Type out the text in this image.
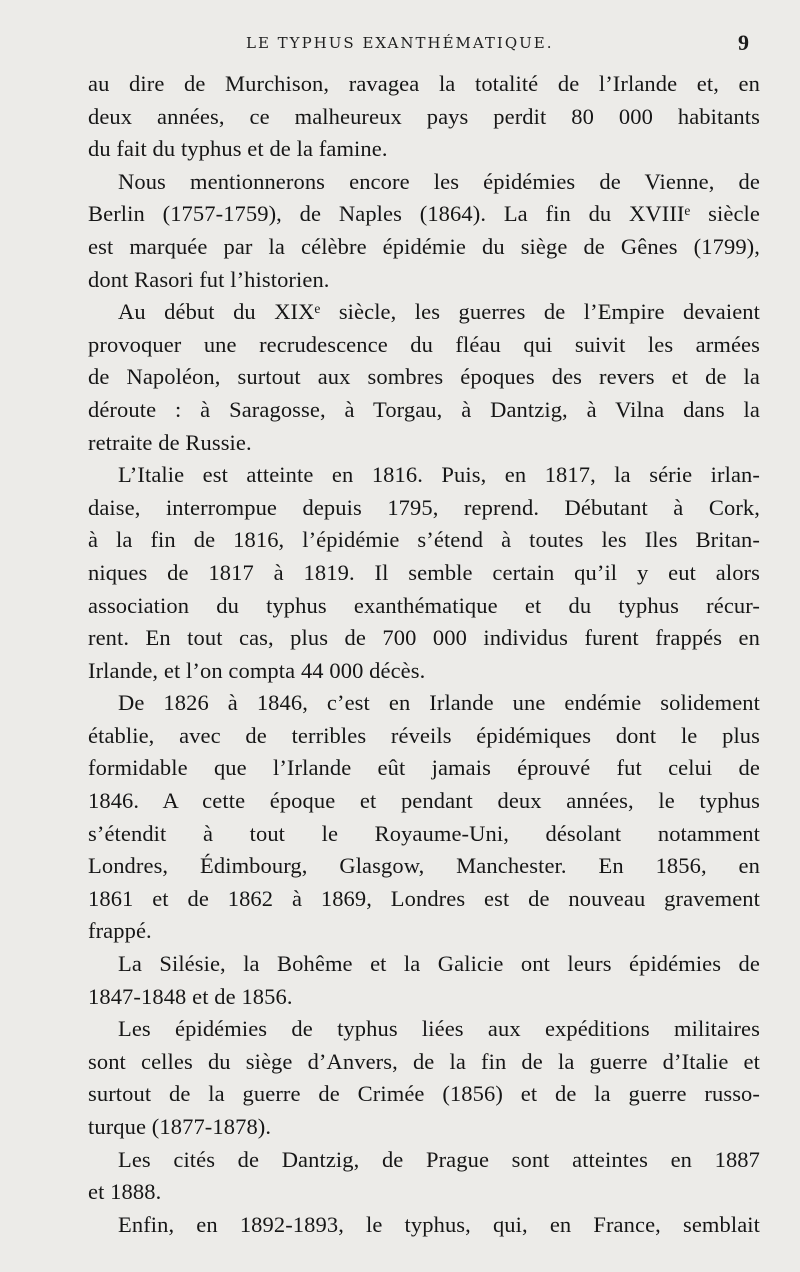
LE TYPHUS EXANTHÉMATIQUE.	9
au dire de Murchison, ravagea la totalité de l’Irlande et, en
deux années, ce malheureux pays perdit 80 000 habitants
du fait du typhus et de la famine.
Nous mentionnerons encore les épidémies de Vienne, de
Berlin (1757-1759), de Naples (1864). La fin du XVIIIᵉ siècle
est marquée par la célèbre épidémie du siège de Gênes (1799),
dont Rasori fut l’historien.
Au début du XIXᵉ siècle, les guerres de l’Empire devaient
provoquer une recrudescence du fléau qui suivit les armées
de Napoléon, surtout aux sombres époques des revers et de la
déroute : à Saragosse, à Torgau, à Dantzig, à Vilna dans la
retraite de Russie.
L’Italie est atteinte en 1816. Puis, en 1817, la série irlan-
daise, interrompue depuis 1795, reprend. Débutant à Cork,
à la fin de 1816, l’épidémie s’étend à toutes les Iles Britan-
niques de 1817 à 1819. Il semble certain qu’il y eut alors
association du typhus exanthématique et du typhus récur-
rent. En tout cas, plus de 700 000 individus furent frappés en
Irlande, et l’on compta 44 000 décès.
De 1826 à 1846, c’est en Irlande une endémie solidement
établie, avec de terribles réveils épidémiques dont le plus
formidable que l’Irlande eût jamais éprouvé fut celui de
1846. A cette époque et pendant deux années, le typhus
s’étendit à tout le Royaume-Uni, désolant notamment
Londres, Édimbourg, Glasgow, Manchester. En 1856, en
1861 et de 1862 à 1869, Londres est de nouveau gravement
frappé.
La Silésie, la Bohême et la Galicie ont leurs épidémies de
1847-1848 et de 1856.
Les épidémies de typhus liées aux expéditions militaires
sont celles du siège d’Anvers, de la fin de la guerre d’Italie et
surtout de la guerre de Crimée (1856) et de la guerre russo-
turque (1877-1878).
Les cités de Dantzig, de Prague sont atteintes en 1887
et 1888.
Enfin, en 1892-1893, le typhus, qui, en France, semblait
